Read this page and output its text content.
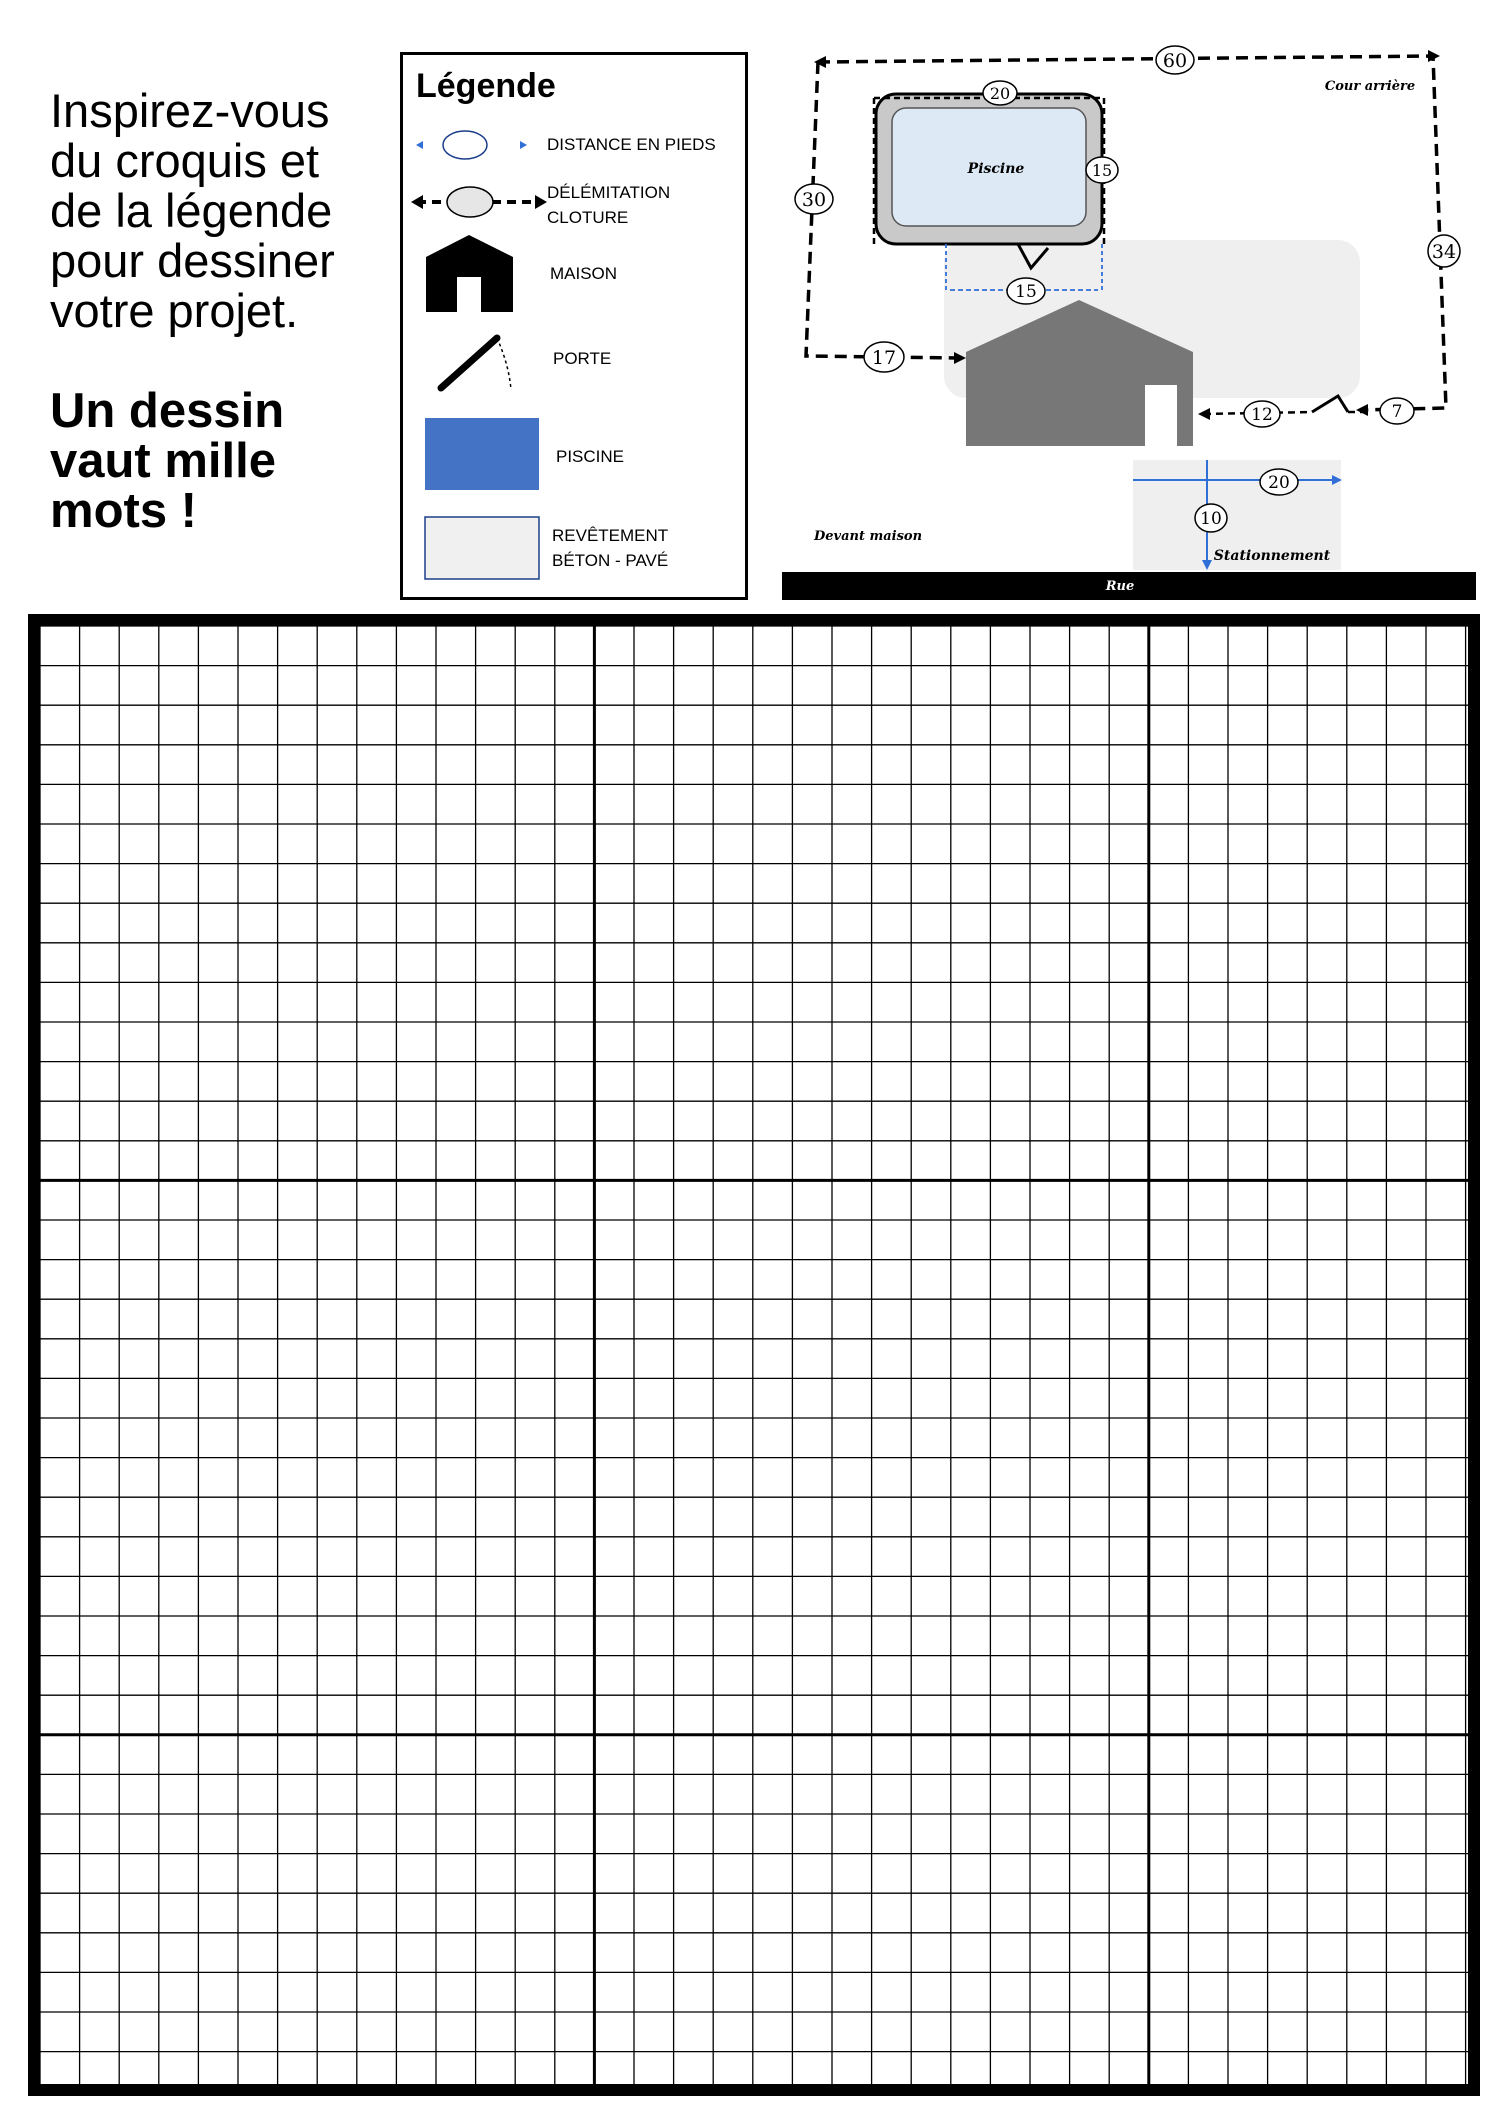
Inspirez-vous
du croquis et
de la légende
pour dessiner
votre projet.
Un dessin
vaut mille
mots !
Légende
DISTANCE EN PIEDS
DÉLÉMITATION
CLOTURE
MAISON
PORTE
PISCINE
REVÊTEMENT
BÉTON - PAVÉ
60
20
15
30
34
15
17
12	7
20
10
Piscine
Cour arrière
Devant maison
Stationnement
Rue
